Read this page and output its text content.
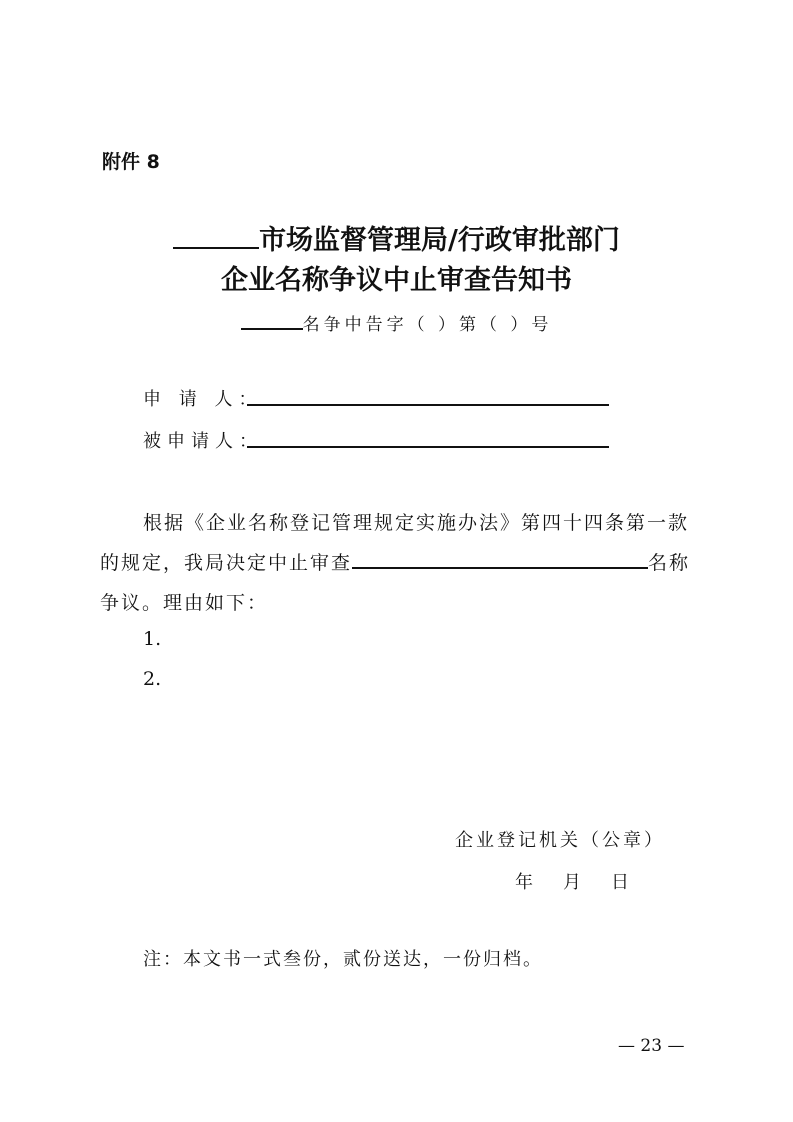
附件 8
市场监督管理局/行政审批部门
企业名称争议中止审查告知书
名争中告字（ ）第（ ）号
申 请 人：
被申请人：
根据《企业名称登记管理规定实施办法》第四十四条第一款
的规定，我局决定中止审查	名称
争议。理由如下：
1.
2.
企业登记机关（公章）
年 月 日
注：本文书一式叁份，贰份送达，一份归档。
— 23 —
